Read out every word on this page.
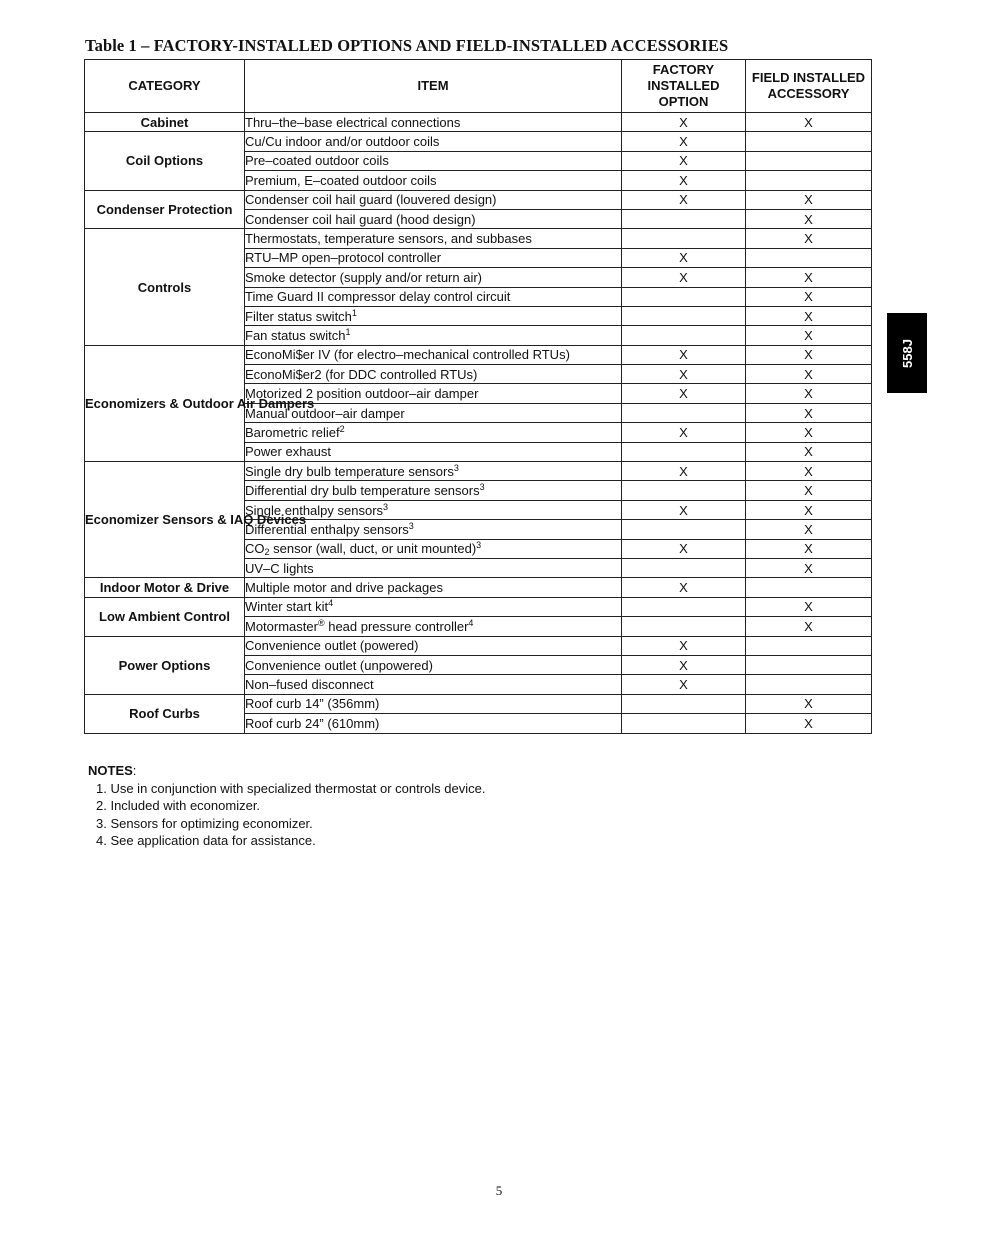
Table 1 – FACTORY-INSTALLED OPTIONS AND FIELD-INSTALLED ACCESSORIES
CATEGORY	ITEM	FACTORY INSTALLED OPTION	FIELD INSTALLED ACCESSORY
Cabinet	Thru–the–base electrical connections	X	X
Coil Options	Cu/Cu indoor and/or outdoor coils	X	
	Pre–coated outdoor coils	X	
	Premium, E–coated outdoor coils	X	
Condenser Protection	Condenser coil hail guard (louvered design)	X	X
	Condenser coil hail guard (hood design)		X
Controls	Thermostats, temperature sensors, and subbases		X
	RTU–MP open–protocol controller	X	
	Smoke detector (supply and/or return air)	X	X
	Time Guard II compressor delay control circuit		X
	Filter status switch$^1$		X
	Fan status switch$^1$		X
Economizers & Outdoor Air Dampers	EconoMi$er IV (for electro–mechanical controlled RTUs)	X	X
	EconoMi$er2 (for DDC controlled RTUs)	X	X
	Motorized 2 position outdoor–air damper	X	X
	Manual outdoor–air damper		X
	Barometric relief$^2$	X	X
	Power exhaust		X
Economizer Sensors & IAQ Devices	Single dry bulb temperature sensors$^3$	X	X
	Differential dry bulb temperature sensors$^3$		X
	Single enthalpy sensors$^3$	X	X
	Differential enthalpy sensors$^3$		X
	$CO_2$ sensor (wall, duct, or unit mounted)$^3$	X	X
	UV–C lights		X
Indoor Motor & Drive	Multiple motor and drive packages	X	
Low Ambient Control	Winter start kit$^4$		X
	Motormaster® head pressure controller$^4$		X
Power Options	Convenience outlet (powered)	X	
	Convenience outlet (unpowered)	X	
	Non–fused disconnect	X	
Roof Curbs	Roof curb 14” (356mm)		X
	Roof curb 24” (610mm)		X
NOTES:
1. Use in conjunction with specialized thermostat or controls device.
2. Included with economizer.
3. Sensors for optimizing economizer.
4. See application data for assistance.
558J
5
